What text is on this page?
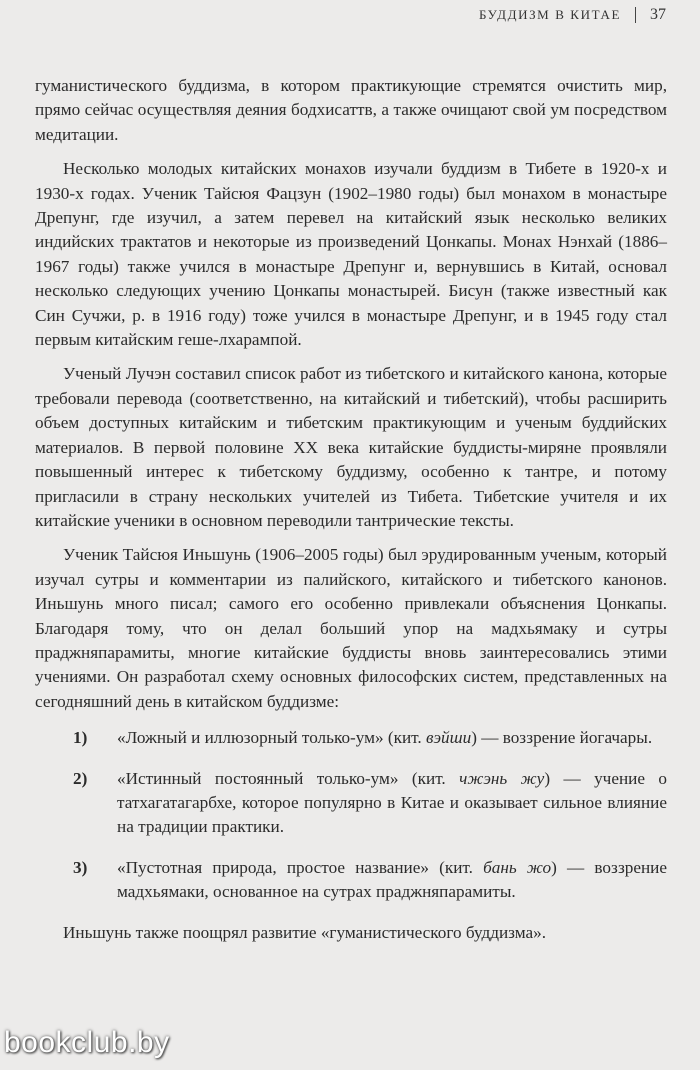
БУДДИЗМ В КИТАЕ 37

гуманистического буддизма, в котором практикующие стремятся очистить мир, прямо сейчас осуществляя деяния бодхисаттв, а также очищают свой ум посредством медитации.

Несколько молодых китайских монахов изучали буддизм в Тибете в 1920-х и 1930-х годах. Ученик Тайсюя Фацзун (1902–1980 годы) был монахом в монастыре Дрепунг, где изучил, а затем перевел на китайский язык несколько великих индийских трактатов и некоторые из произведений Цонкапы. Монах Нэнхай (1886–1967 годы) также учился в монастыре Дрепунг и, вернувшись в Китай, основал несколько следующих учению Цонкапы монастырей. Бисун (также известный как Син Сучжи, р. в 1916 году) тоже учился в монастыре Дрепунг, и в 1945 году стал первым китайским геше-лхарампой.

Ученый Лучэн составил список работ из тибетского и китайского канона, которые требовали перевода (соответственно, на китайский и тибетский), чтобы расширить объем доступных китайским и тибетским практикующим и ученым буддийских материалов. В первой половине XX века китайские буддисты-миряне проявляли повышенный интерес к тибетскому буддизму, особенно к тантре, и потому пригласили в страну нескольких учителей из Тибета. Тибетские учителя и их китайские ученики в основном переводили тантрические тексты.

Ученик Тайсюя Иньшунь (1906–2005 годы) был эрудированным ученым, который изучал сутры и комментарии из палийского, китайского и тибетского канонов. Иньшунь много писал; самого его особенно привлекали объяснения Цонкапы. Благодаря тому, что он делал больший упор на мадхьямаку и сутры праджняпарамиты, многие китайские буддисты вновь заинтересовались этими учениями. Он разработал схему основных философских систем, представленных на сегодняшний день в китайском буддизме:

1) «Ложный и иллюзорный только-ум» (кит. вэйши) — воззрение йогачары.
2) «Истинный постоянный только-ум» (кит. чжэнь жу) — учение о татхагатагарбхе, которое популярно в Китае и оказывает сильное влияние на традиции практики.
3) «Пустотная природа, простое название» (кит. бань жо) — воззрение мадхьямаки, основанное на сутрах праджняпарамиты.

Иньшунь также поощрял развитие «гуманистического буддизма».

bookclub.by
